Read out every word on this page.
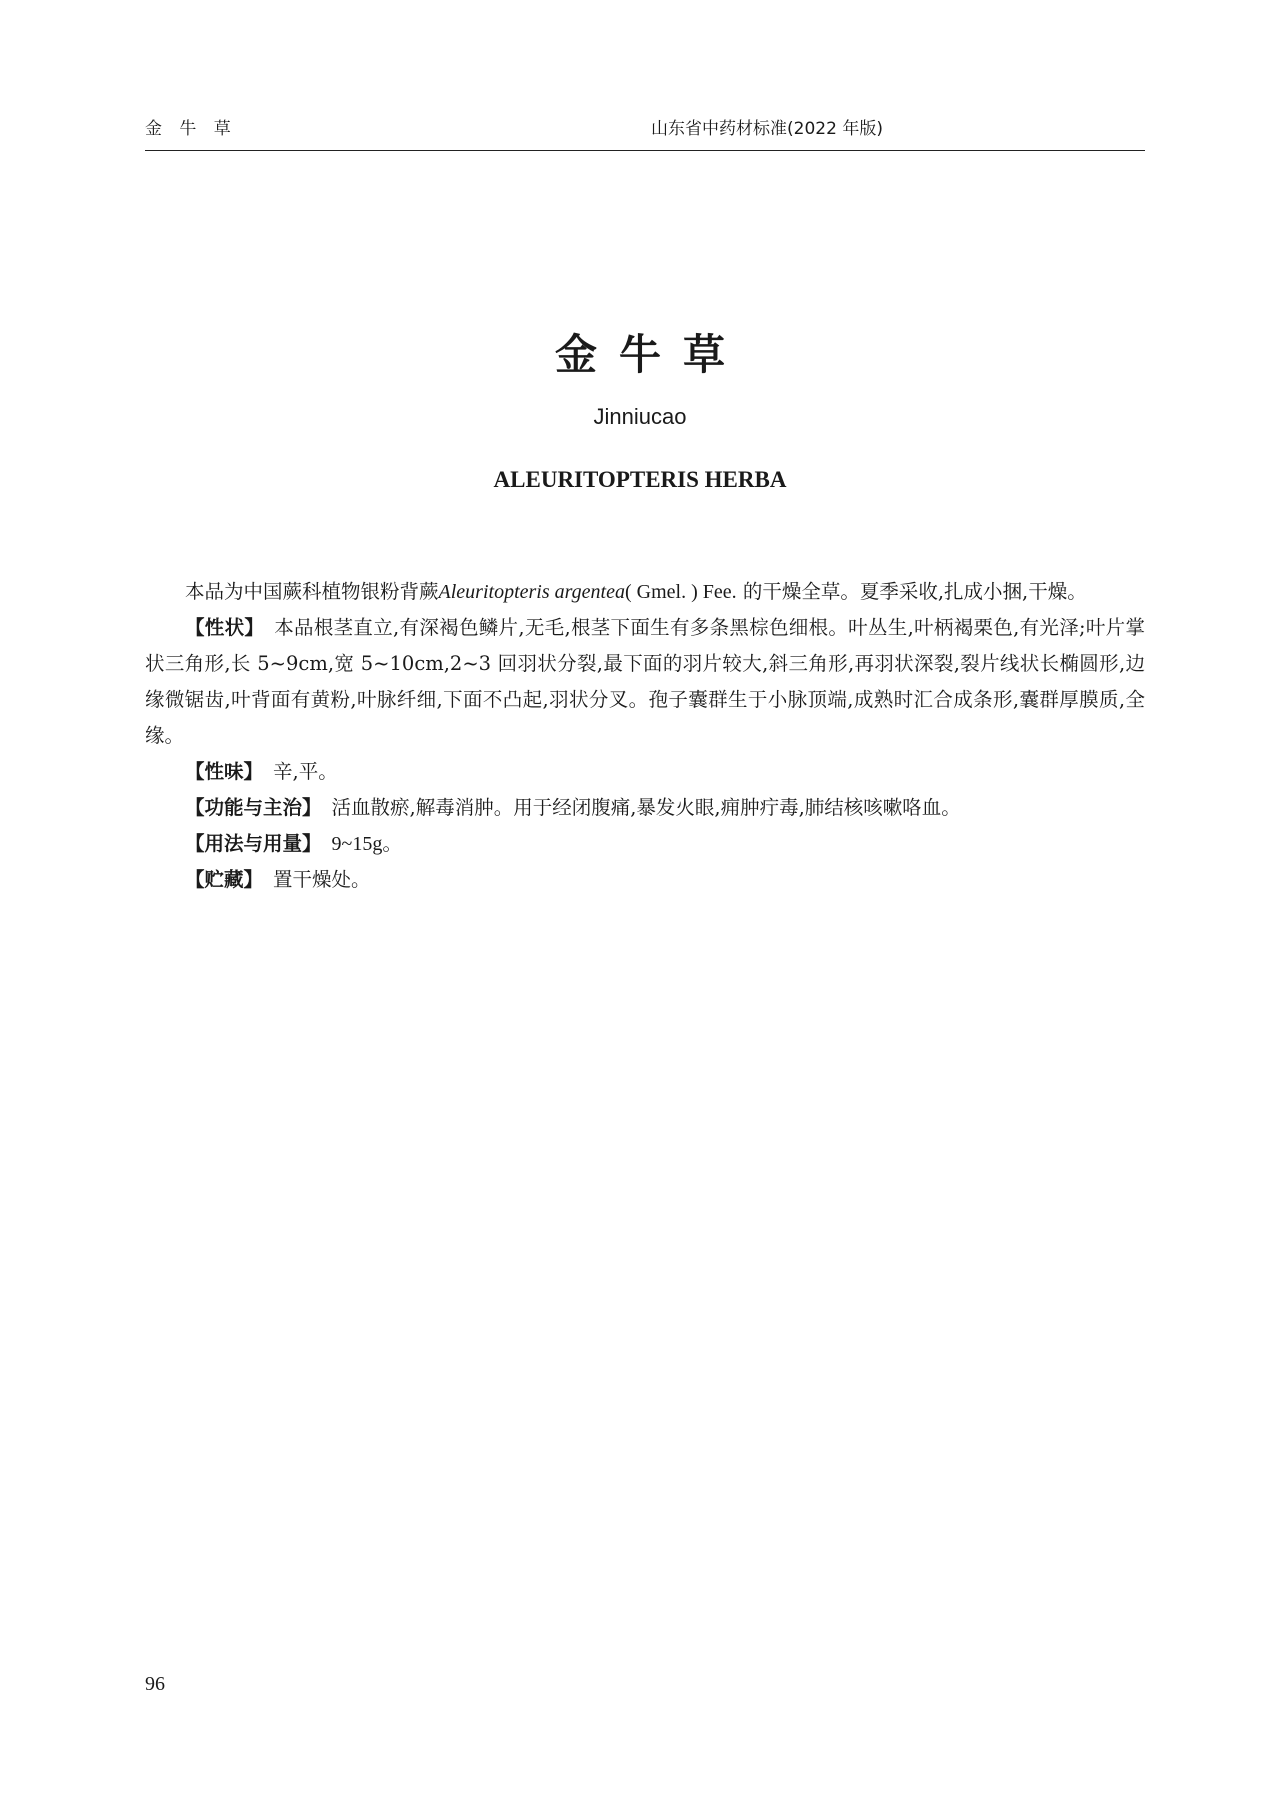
金 牛 草	山东省中药材标准(2022 年版)
金牛草
Jinniucao
ALEURITOPTERIS HERBA

本品为中国蕨科植物银粉背蕨Aleuritopteris argentea( Gmel. ) Fee. 的干燥全草。夏季采收,扎成小捆,干燥。

【性状】 本品根茎直立,有深褐色鳞片,无毛,根茎下面生有多条黑棕色细根。叶丛生,叶柄褐栗色,有光泽;叶片掌状三角形,长 5~9cm,宽 5~10cm,2~3 回羽状分裂,最下面的羽片较大,斜三角形,再羽状深裂,裂片线状长椭圆形,边缘微锯齿,叶背面有黄粉,叶脉纤细,下面不凸起,羽状分叉。孢子囊群生于小脉顶端,成熟时汇合成条形,囊群厚膜质,全缘。

【性味】 辛,平。

【功能与主治】 活血散瘀,解毒消肿。用于经闭腹痛,暴发火眼,痈肿疔毒,肺结核咳嗽咯血。

【用法与用量】 9~15g。

【贮藏】 置干燥处。

96
